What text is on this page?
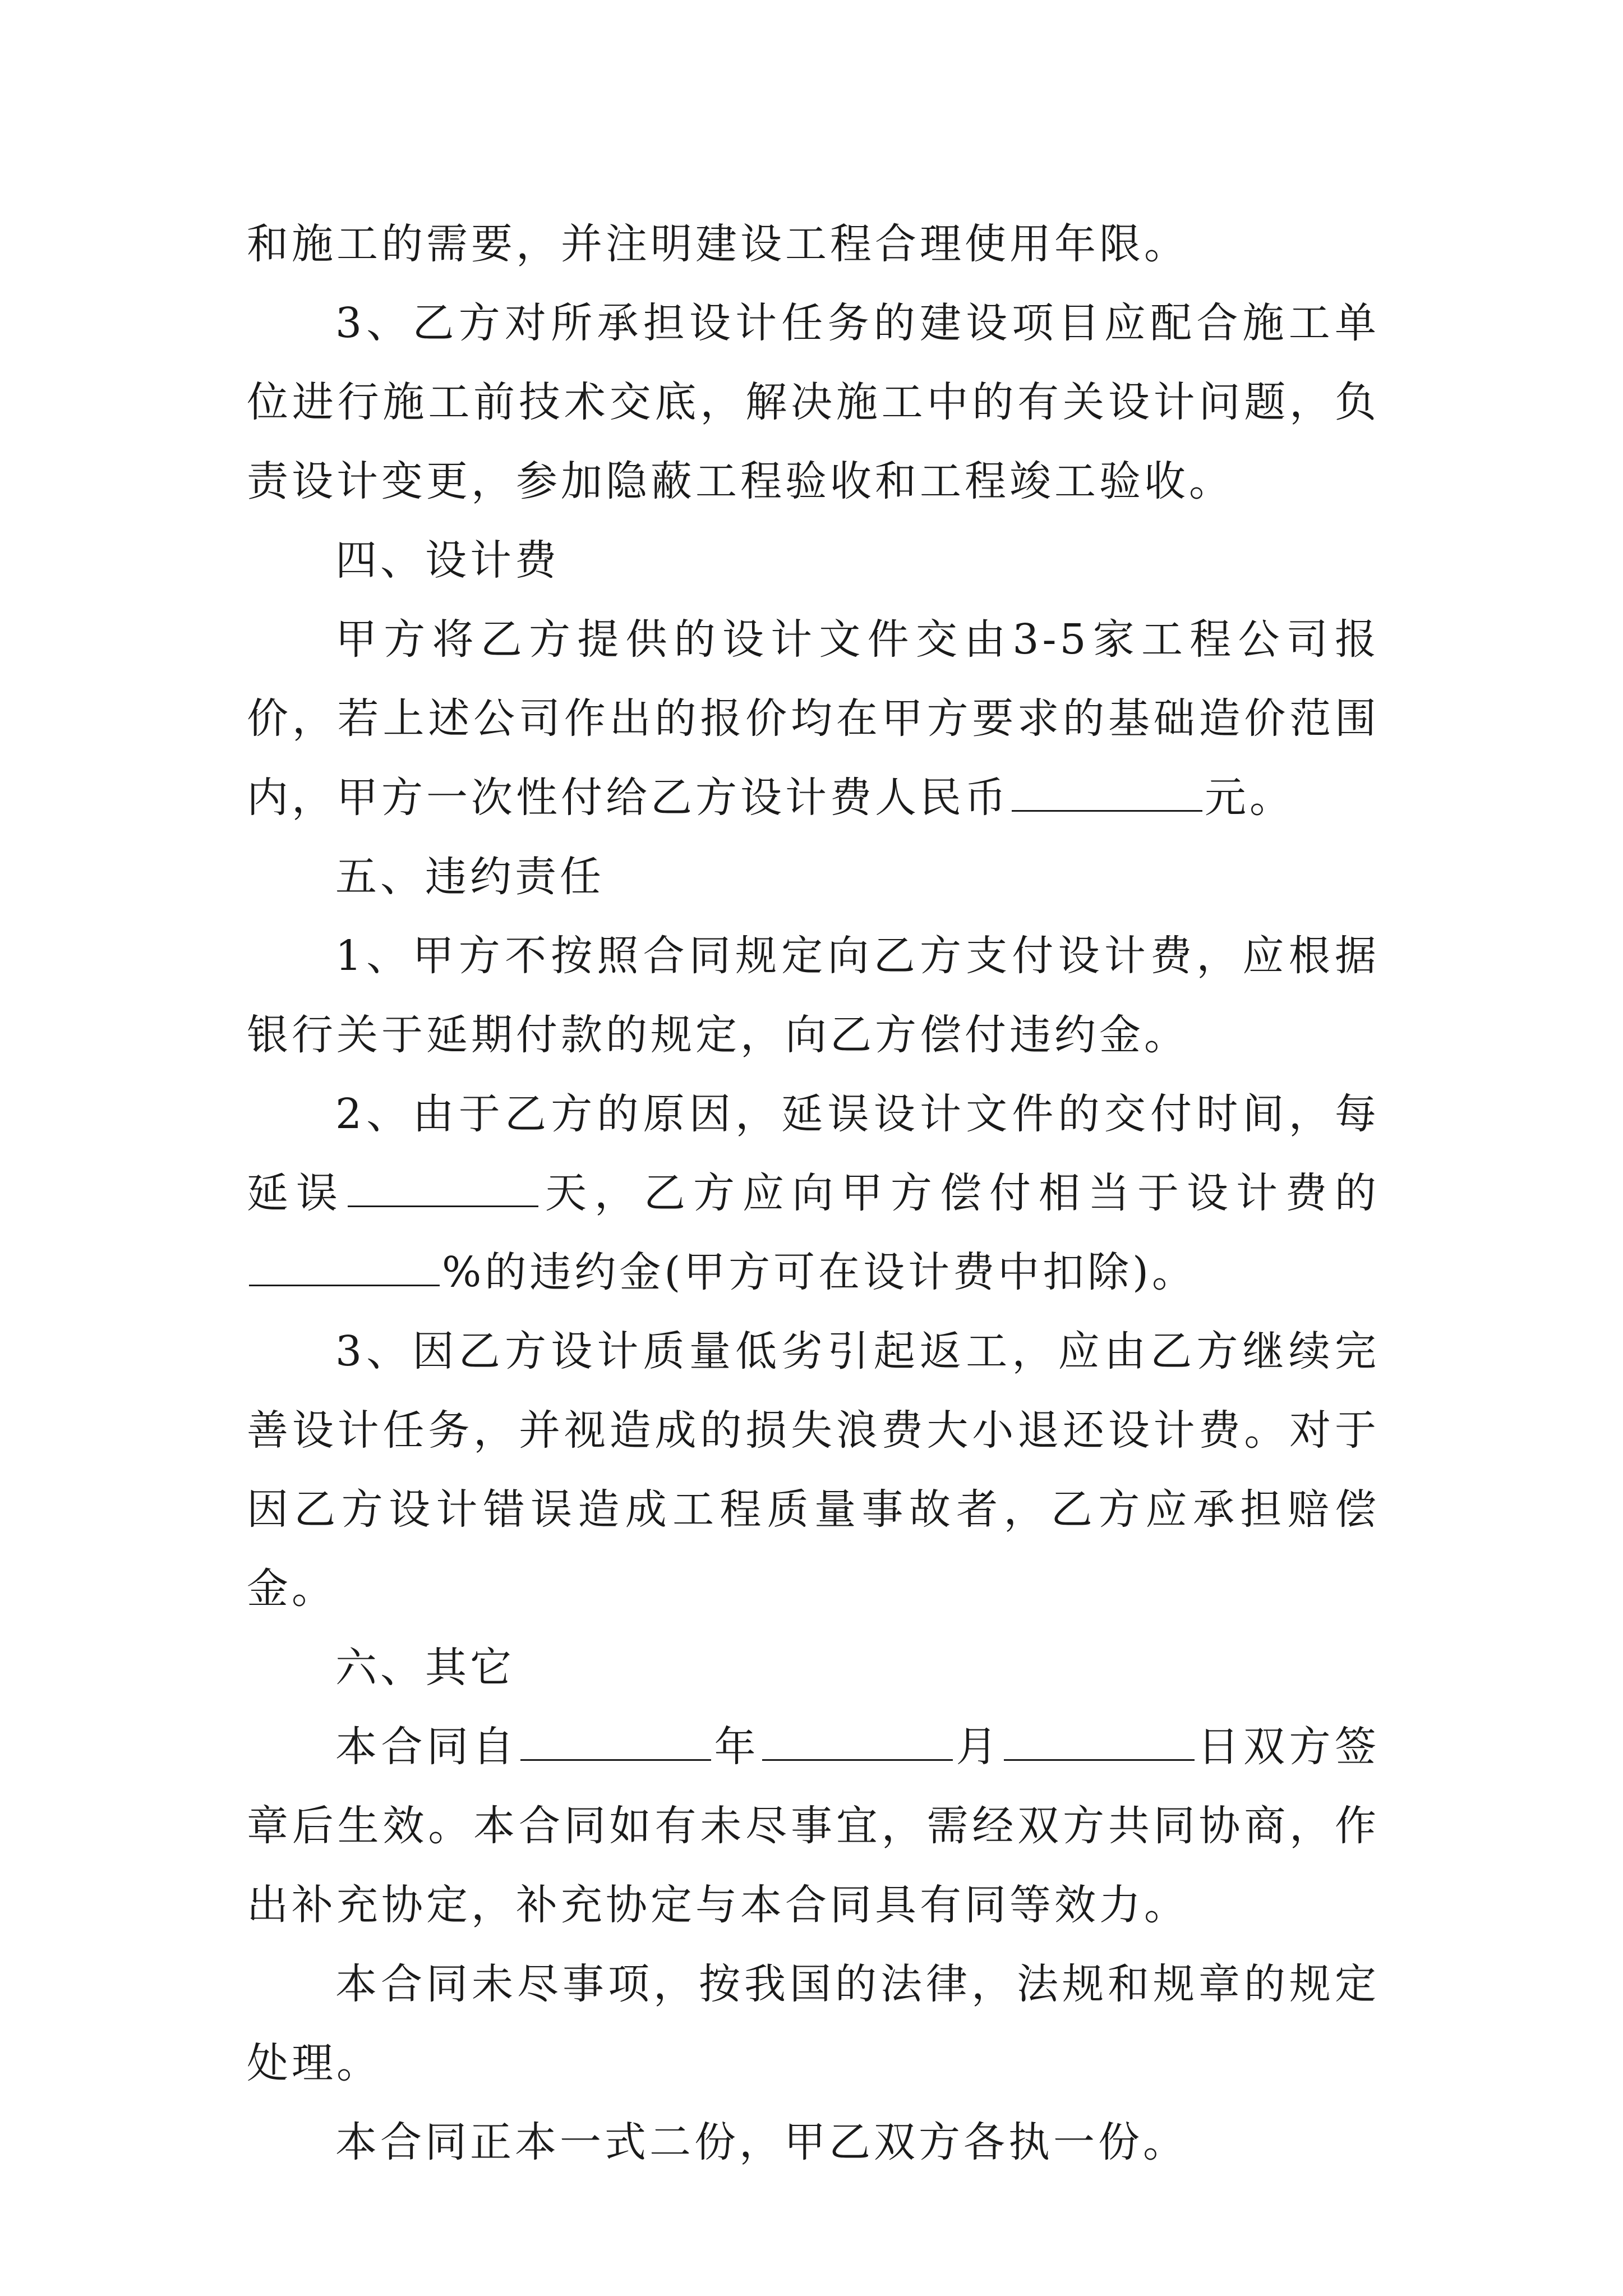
和施工的需要，并注明建设工程合理使用年限。

3、乙方对所承担设计任务的建设项目应配合施工单位进行施工前技术交底，解决施工中的有关设计问题，负责设计变更，参加隐蔽工程验收和工程竣工验收。

四、设计费

甲方将乙方提供的设计文件交由3-5家工程公司报价，若上述公司作出的报价均在甲方要求的基础造价范围内，甲方一次性付给乙方设计费人民币	元。

五、违约责任

1、甲方不按照合同规定向乙方支付设计费，应根据银行关于延期付款的规定，向乙方偿付违约金。

2、由于乙方的原因，延误设计文件的交付时间，每延误	天，乙方应向甲方偿付相当于设计费的%的违约金(甲方可在设计费中扣除)。

3、因乙方设计质量低劣引起返工，应由乙方继续完善设计任务，并视造成的损失浪费大小退还设计费。对于因乙方设计错误造成工程质量事故者，乙方应承担赔偿金。

六、其它

本合同自	年	月	日双方签章后生效。本合同如有未尽事宜，需经双方共同协商，作出补充协定，补充协定与本合同具有同等效力。

本合同未尽事项，按我国的法律，法规和规章的规定处理。

本合同正本一式二份，甲乙双方各执一份。
